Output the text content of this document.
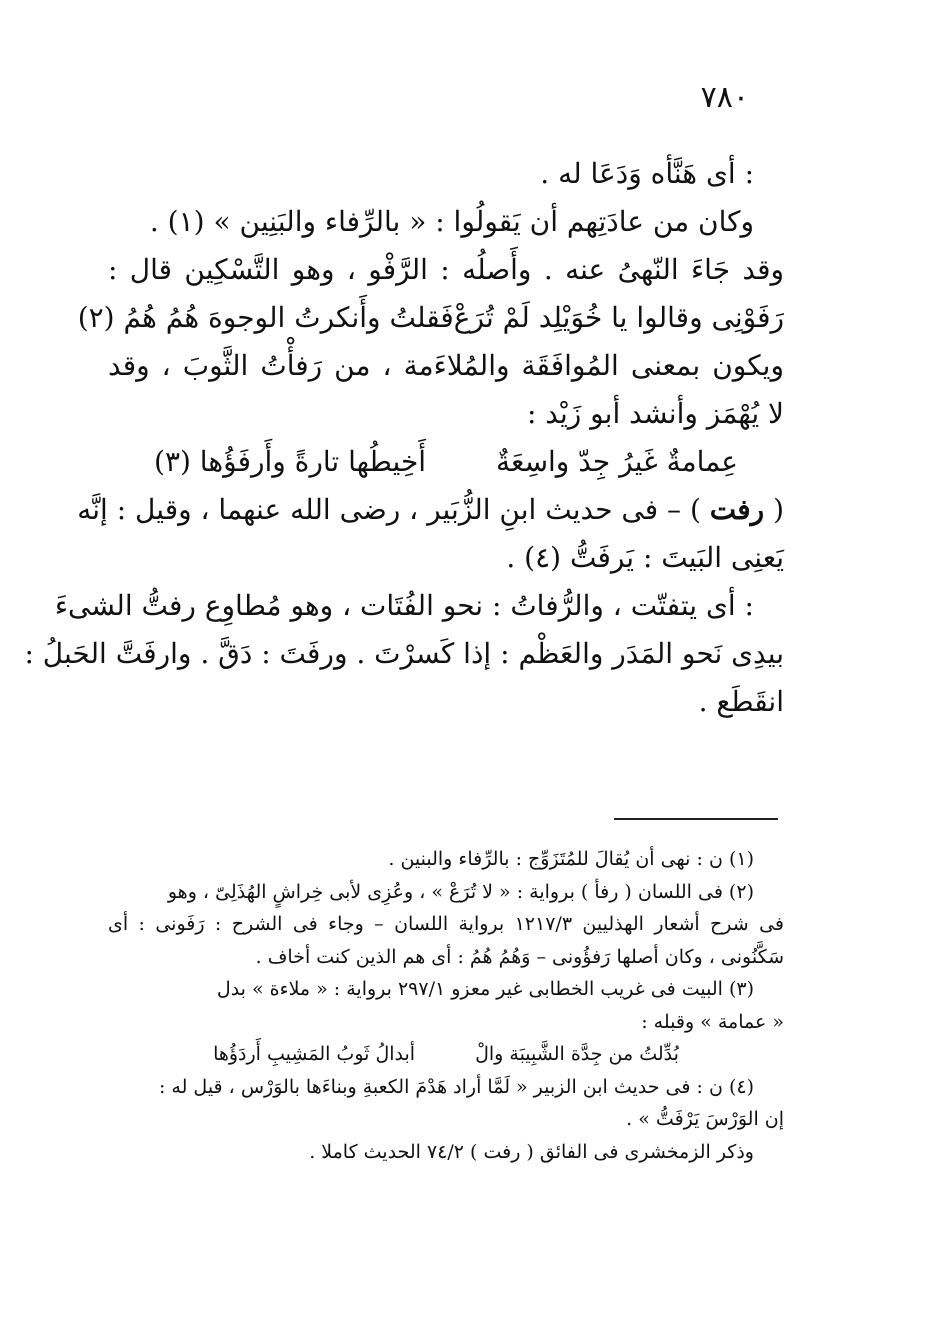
٧٨٠
: أى هَنَّأه وَدَعَا له .
وكان من عادَتِهم أن يَقولُوا : « بالرِّفاء والبَنِين » (١) .
وقد جَاءَ النّهىُ عنه . وأَصلُه : الرَّفْو ، وهو التَّسْكِين قال :
رَفَوْنِى وقالوا يا خُوَيْلِد لَمْ تُرَعْ
فَقلتُ وأَنكرتُ الوجوهَ هُمُ هُمُ (٢)
ويكون بمعنى المُوافَقَة والمُلاءَمة ، من رَفأْتُ الثَّوبَ ، وقد
لا يُهْمَز وأنشد أبو زَيْد :
عِمامةٌ غَيرُ جِدّ واسِعَةٌ
أَخِيطُها تارةً وأَرفَؤُها (٣)
( رفت ) – فى حديث ابنِ الزُّبَير ، رضى الله عنهما ، وقيل : إنَّه
يَعنِى البَيتَ : يَرفَتُّ (٤) .
: أى يتفتّت ، والرُّفاتُ : نحو الفُتَات ، وهو مُطاوِع رفتُّ الشىءَ
بيدِى نَحو المَدَر والعَظْم : إذا كَسرْتَ . ورفَتَ : دَقَّ . وارفَتَّ الحَبلُ :
انقَطَع .
(١) ن : نهى أن يُقالَ للمُتَزَوِّج : بالرِّفاء والبنين .
(٢) فى اللسان ( رفأ ) برواية : « لا تُرَعْ » ، وعُزِى لأبى خِراشٍ الهُذَلِىّ ، وهو
فى شرح أشعار الهذليين ١٢١٧/٣ برواية اللسان – وجاء فى الشرح : رَفَونى : أى
سَكَّنُونى ، وكان أصلها رَفؤُونى – وَهُمُ هُمُ : أى هم الذين كنت أخاف .
(٣) البيت فى غريب الخطابى غير معزو ٢٩٧/١ برواية : « ملاءة » بدل
« عمامة » وقبله :
بُدِّلتُ من جِدَّة الشَّبِيبَة والْ
أبدالُ ثَوبُ المَشِيبِ أَردَؤُها
(٤) ن : فى حديث ابن الزبير « لَمَّا أراد هَدْمَ الكعبةِ وبناءَها بالوَرْس ، قيل له :
إن الوَرْسَ يَرْفَتُّ » .
وذكر الزمخشرى فى الفائق ( رفت ) ٧٤/٢ الحديث كاملا .
